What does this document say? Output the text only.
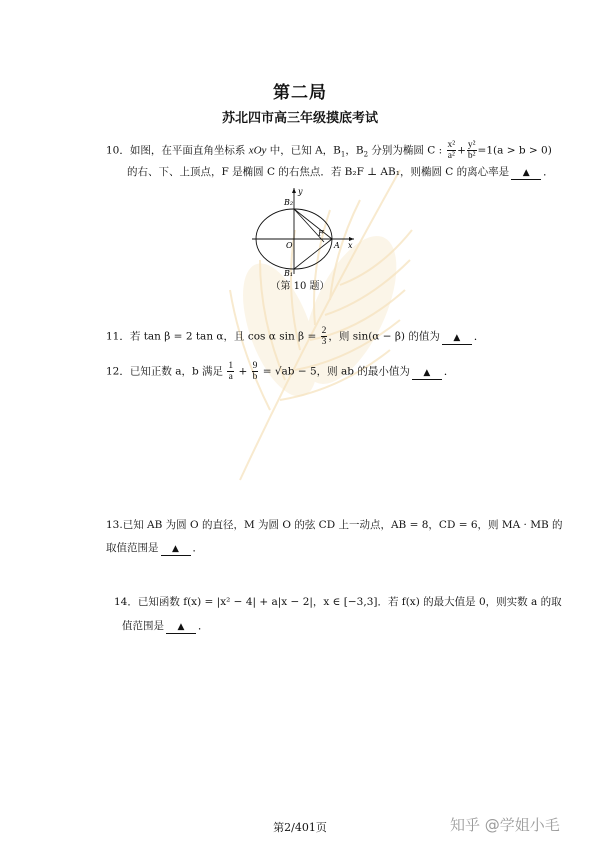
第二局
苏北四市高三年级摸底考试
10．如图，在平面直角坐标系 xOy 中，已知 A，$B_1$，$B_2$ 分别为椭圆 C : $\frac{\text{x²}}{\text{a²}} + \frac{\text{y²}}{\text{b²}} =1(a > b > 0)$
的右、下、上顶点，F 是椭圆 C 的右焦点．若 B₂F ⊥ AB₁，则椭圆 C 的离心率是 ▲ ．
B₂
B₁
O
F
A x
y
（第 10 题）
11．若 tan β = 2 tan α，且 cos α $\sin \beta = \frac{2}{3}$ ，则 sin(α − β) 的值为 ▲ ．
12．已知正数 a，b 满足 $\frac{1}{a} + \frac{9}{b} = √ab - 5$，则 ab 的最小值为 ▲ ．
13.已知 AB 为圆 O 的直径，M 为圆 O 的弦 CD 上一动点，AB = 8，CD = 6，则 MA · MB 的
取值范围是 ▲ ．
14．已知函数 f(x) = |x² − 4| + a|x − 2|，x ∈ [−3,3]．若 f(x) 的最大值是 0，则实数 a 的取
值范围是 ▲ ．
第2/401页	知乎 @学姐小毛
